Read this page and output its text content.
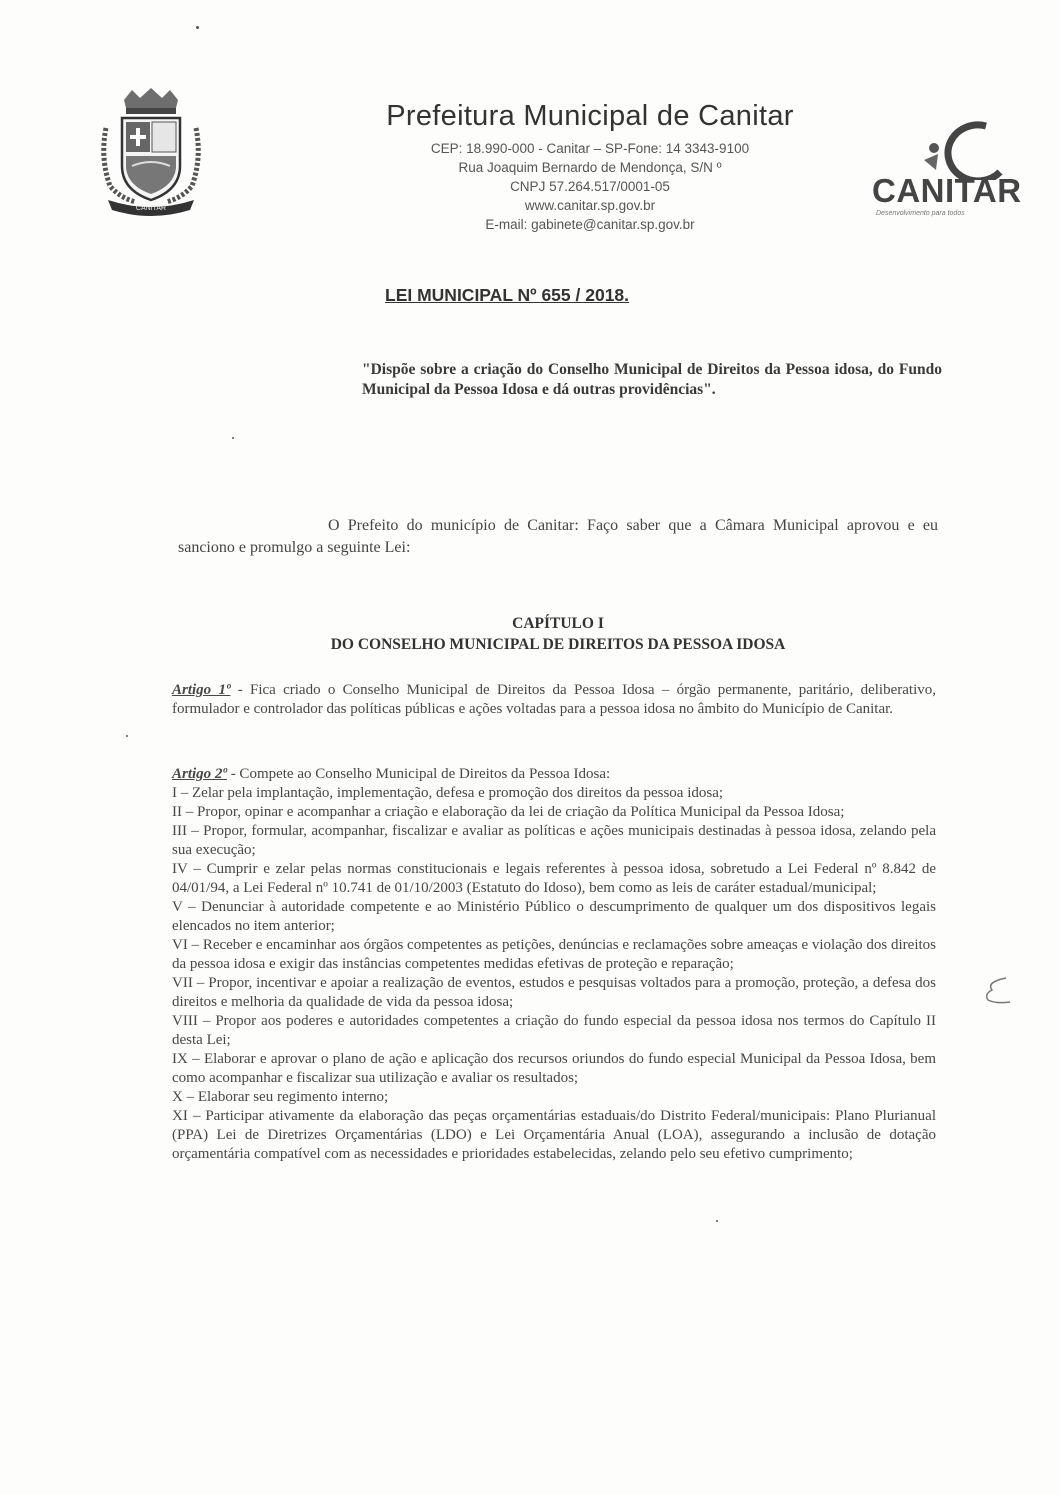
CANITAR
Prefeitura Municipal de Canitar
CEP: 18.990-000 - Canitar – SP-Fone: 14 3343-9100
Rua Joaquim Bernardo de Mendonça, S/N º
CNPJ 57.264.517/0001-05
www.canitar.sp.gov.br
E-mail: gabinete@canitar.sp.gov.br
CANITAR
Desenvolvimento para todos
LEI MUNICIPAL Nº 655 / 2018.
"Dispõe sobre a criação do Conselho Municipal de Direitos da Pessoa idosa, do Fundo Municipal da Pessoa Idosa e dá outras providências".
O Prefeito do município de Canitar: Faço saber que a Câmara Municipal aprovou e eu sanciono e promulgo a seguinte Lei:
CAPÍTULO I
DO CONSELHO MUNICIPAL DE DIREITOS DA PESSOA IDOSA
Artigo 1º - Fica criado o Conselho Municipal de Direitos da Pessoa Idosa – órgão permanente, paritário, deliberativo, formulador e controlador das políticas públicas e ações voltadas para a pessoa idosa no âmbito do Município de Canitar.
Artigo 2º - Compete ao Conselho Municipal de Direitos da Pessoa Idosa:
I – Zelar pela implantação, implementação, defesa e promoção dos direitos da pessoa idosa;
II – Propor, opinar e acompanhar a criação e elaboração da lei de criação da Política Municipal da Pessoa Idosa;
III – Propor, formular, acompanhar, fiscalizar e avaliar as políticas e ações municipais destinadas à pessoa idosa, zelando pela sua execução;
IV – Cumprir e zelar pelas normas constitucionais e legais referentes à pessoa idosa, sobretudo a Lei Federal nº 8.842 de 04/01/94, a Lei Federal nº 10.741 de 01/10/2003 (Estatuto do Idoso), bem como as leis de caráter estadual/municipal;
V – Denunciar à autoridade competente e ao Ministério Público o descumprimento de qualquer um dos dispositivos legais elencados no item anterior;
VI – Receber e encaminhar aos órgãos competentes as petições, denúncias e reclamações sobre ameaças e violação dos direitos da pessoa idosa e exigir das instâncias competentes medidas efetivas de proteção e reparação;
VII – Propor, incentivar e apoiar a realização de eventos, estudos e pesquisas voltados para a promoção, proteção, a defesa dos direitos e melhoria da qualidade de vida da pessoa idosa;
VIII – Propor aos poderes e autoridades competentes a criação do fundo especial da pessoa idosa nos termos do Capítulo II desta Lei;
IX – Elaborar e aprovar o plano de ação e aplicação dos recursos oriundos do fundo especial Municipal da Pessoa Idosa, bem como acompanhar e fiscalizar sua utilização e avaliar os resultados;
X – Elaborar seu regimento interno;
XI – Participar ativamente da elaboração das peças orçamentárias estaduais/do Distrito Federal/municipais: Plano Plurianual (PPA) Lei de Diretrizes Orçamentárias (LDO) e Lei Orçamentária Anual (LOA), assegurando a inclusão de dotação orçamentária compatível com as necessidades e prioridades estabelecidas, zelando pelo seu efetivo cumprimento;
